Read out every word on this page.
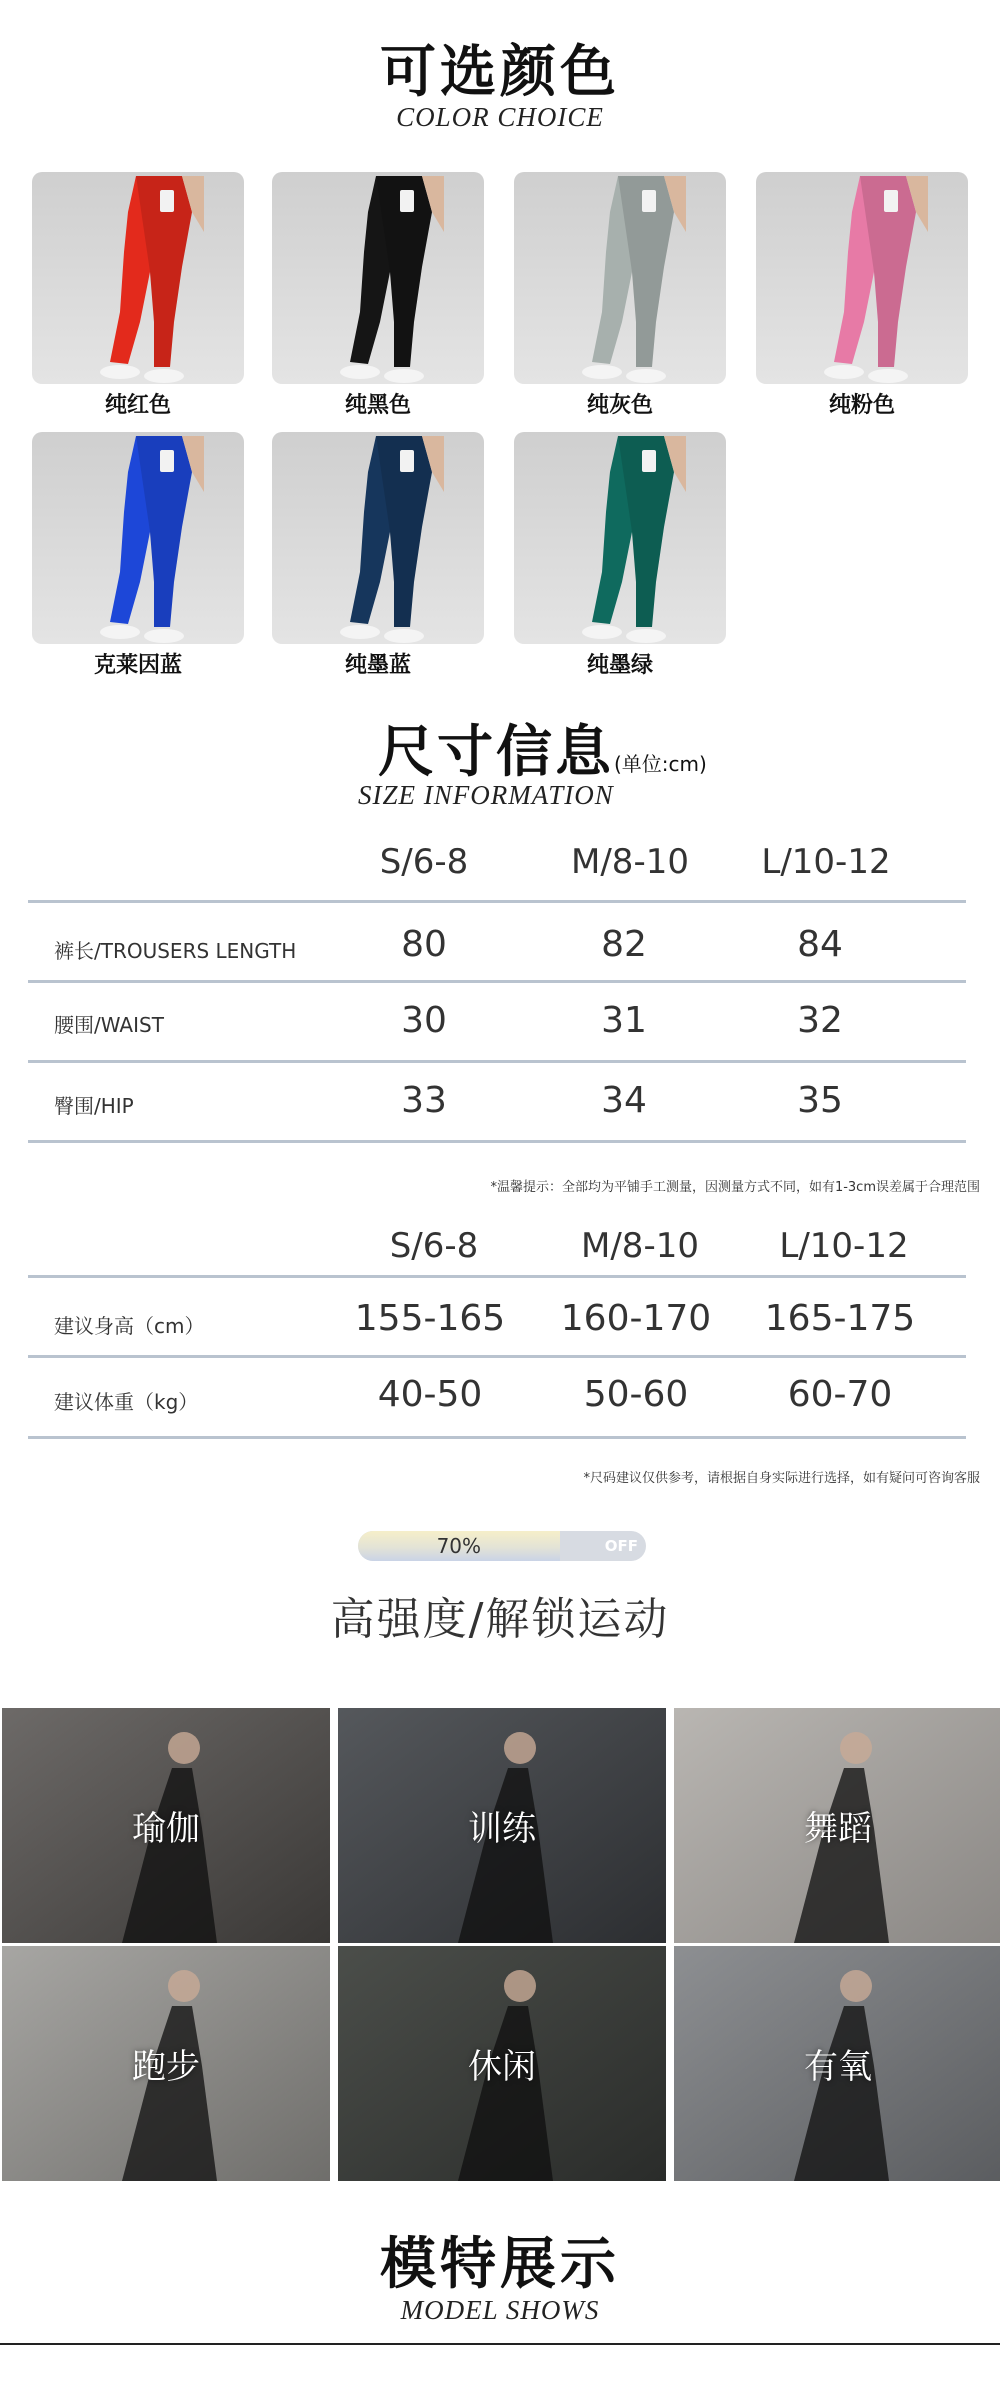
可选颜色
COLOR CHOICE
纯红色	纯黑色	纯灰色	纯粉色
克莱因蓝	纯墨蓝	纯墨绿
尺寸信息(单位:cm)
SIZE INFORMATION
S/6-8	M/8-10	L/10-12
裤长/TROUSERS LENGTH	80	82	84
腰围/WAIST	30	31	32
臀围/HIP	33	34	35
*温馨提示：全部均为平铺手工测量，因测量方式不同，如有1-3cm误差属于合理范围
S/6-8	M/8-10	L/10-12
建议身高（cm）	155-165	160-170	165-175
建议体重（kg）	40-50	50-60	60-70
*尺码建议仅供参考，请根据自身实际进行选择，如有疑问可咨询客服
70%	OFF
高强度/解锁运动
瑜伽	训练	舞蹈
跑步	休闲	有氧
模特展示
MODEL SHOWS
